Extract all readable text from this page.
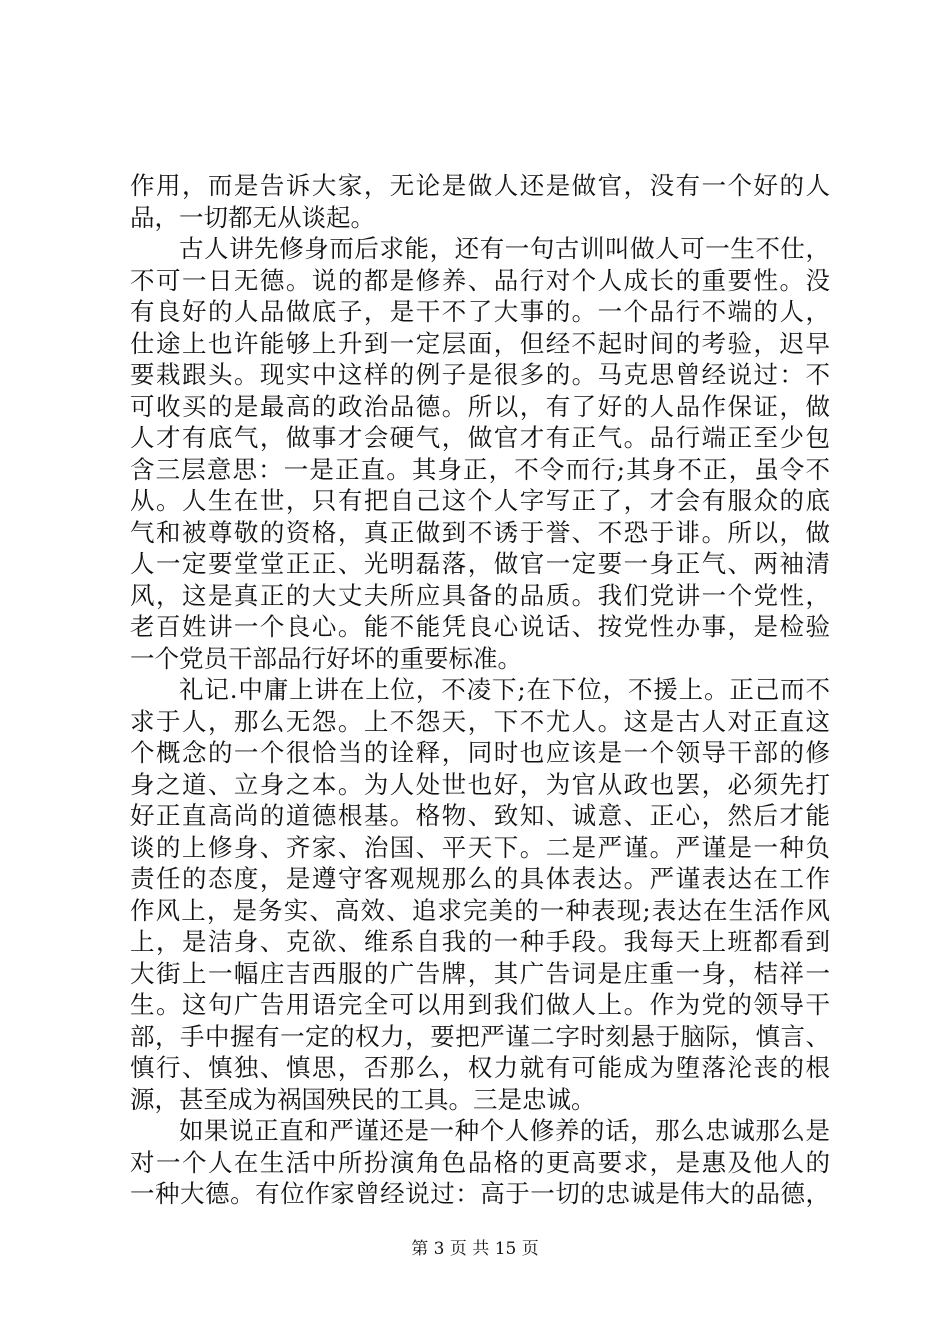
作用，而是告诉大家，无论是做人还是做官，没有一个好的人
品，一切都无从谈起。
古人讲先修身而后求能，还有一句古训叫做人可一生不仕，
不可一日无德。说的都是修养、品行对个人成长的重要性。没
有良好的人品做底子，是干不了大事的。一个品行不端的人，
仕途上也许能够上升到一定层面，但经不起时间的考验，迟早
要栽跟头。现实中这样的例子是很多的。马克思曾经说过：不
可收买的是最高的政治品德。所以，有了好的人品作保证，做
人才有底气，做事才会硬气，做官才有正气。品行端正至少包
含三层意思：一是正直。其身正，不令而行;其身不正，虽令不
从。人生在世，只有把自己这个人字写正了，才会有服众的底
气和被尊敬的资格，真正做到不诱于誉、不恐于诽。所以，做
人一定要堂堂正正、光明磊落，做官一定要一身正气、两袖清
风，这是真正的大丈夫所应具备的品质。我们党讲一个党性，
老百姓讲一个良心。能不能凭良心说话、按党性办事，是检验
一个党员干部品行好坏的重要标准。
礼记.中庸上讲在上位，不凌下;在下位，不援上。正己而不
求于人，那么无怨。上不怨天，下不尤人。这是古人对正直这
个概念的一个很恰当的诠释，同时也应该是一个领导干部的修
身之道、立身之本。为人处世也好，为官从政也罢，必须先打
好正直高尚的道德根基。格物、致知、诚意、正心，然后才能
谈的上修身、齐家、治国、平天下。二是严谨。严谨是一种负
责任的态度，是遵守客观规那么的具体表达。严谨表达在工作
作风上，是务实、高效、追求完美的一种表现;表达在生活作风
上，是洁身、克欲、维系自我的一种手段。我每天上班都看到
大街上一幅庄吉西服的广告牌，其广告词是庄重一身，桔祥一
生。这句广告用语完全可以用到我们做人上。作为党的领导干
部，手中握有一定的权力，要把严谨二字时刻悬于脑际，慎言、
慎行、慎独、慎思，否那么，权力就有可能成为堕落沦丧的根
源，甚至成为祸国殃民的工具。三是忠诚。
如果说正直和严谨还是一种个人修养的话，那么忠诚那么是
对一个人在生活中所扮演角色品格的更高要求，是惠及他人的
一种大德。有位作家曾经说过：高于一切的忠诚是伟大的品德，
第 3 页 共 15 页
